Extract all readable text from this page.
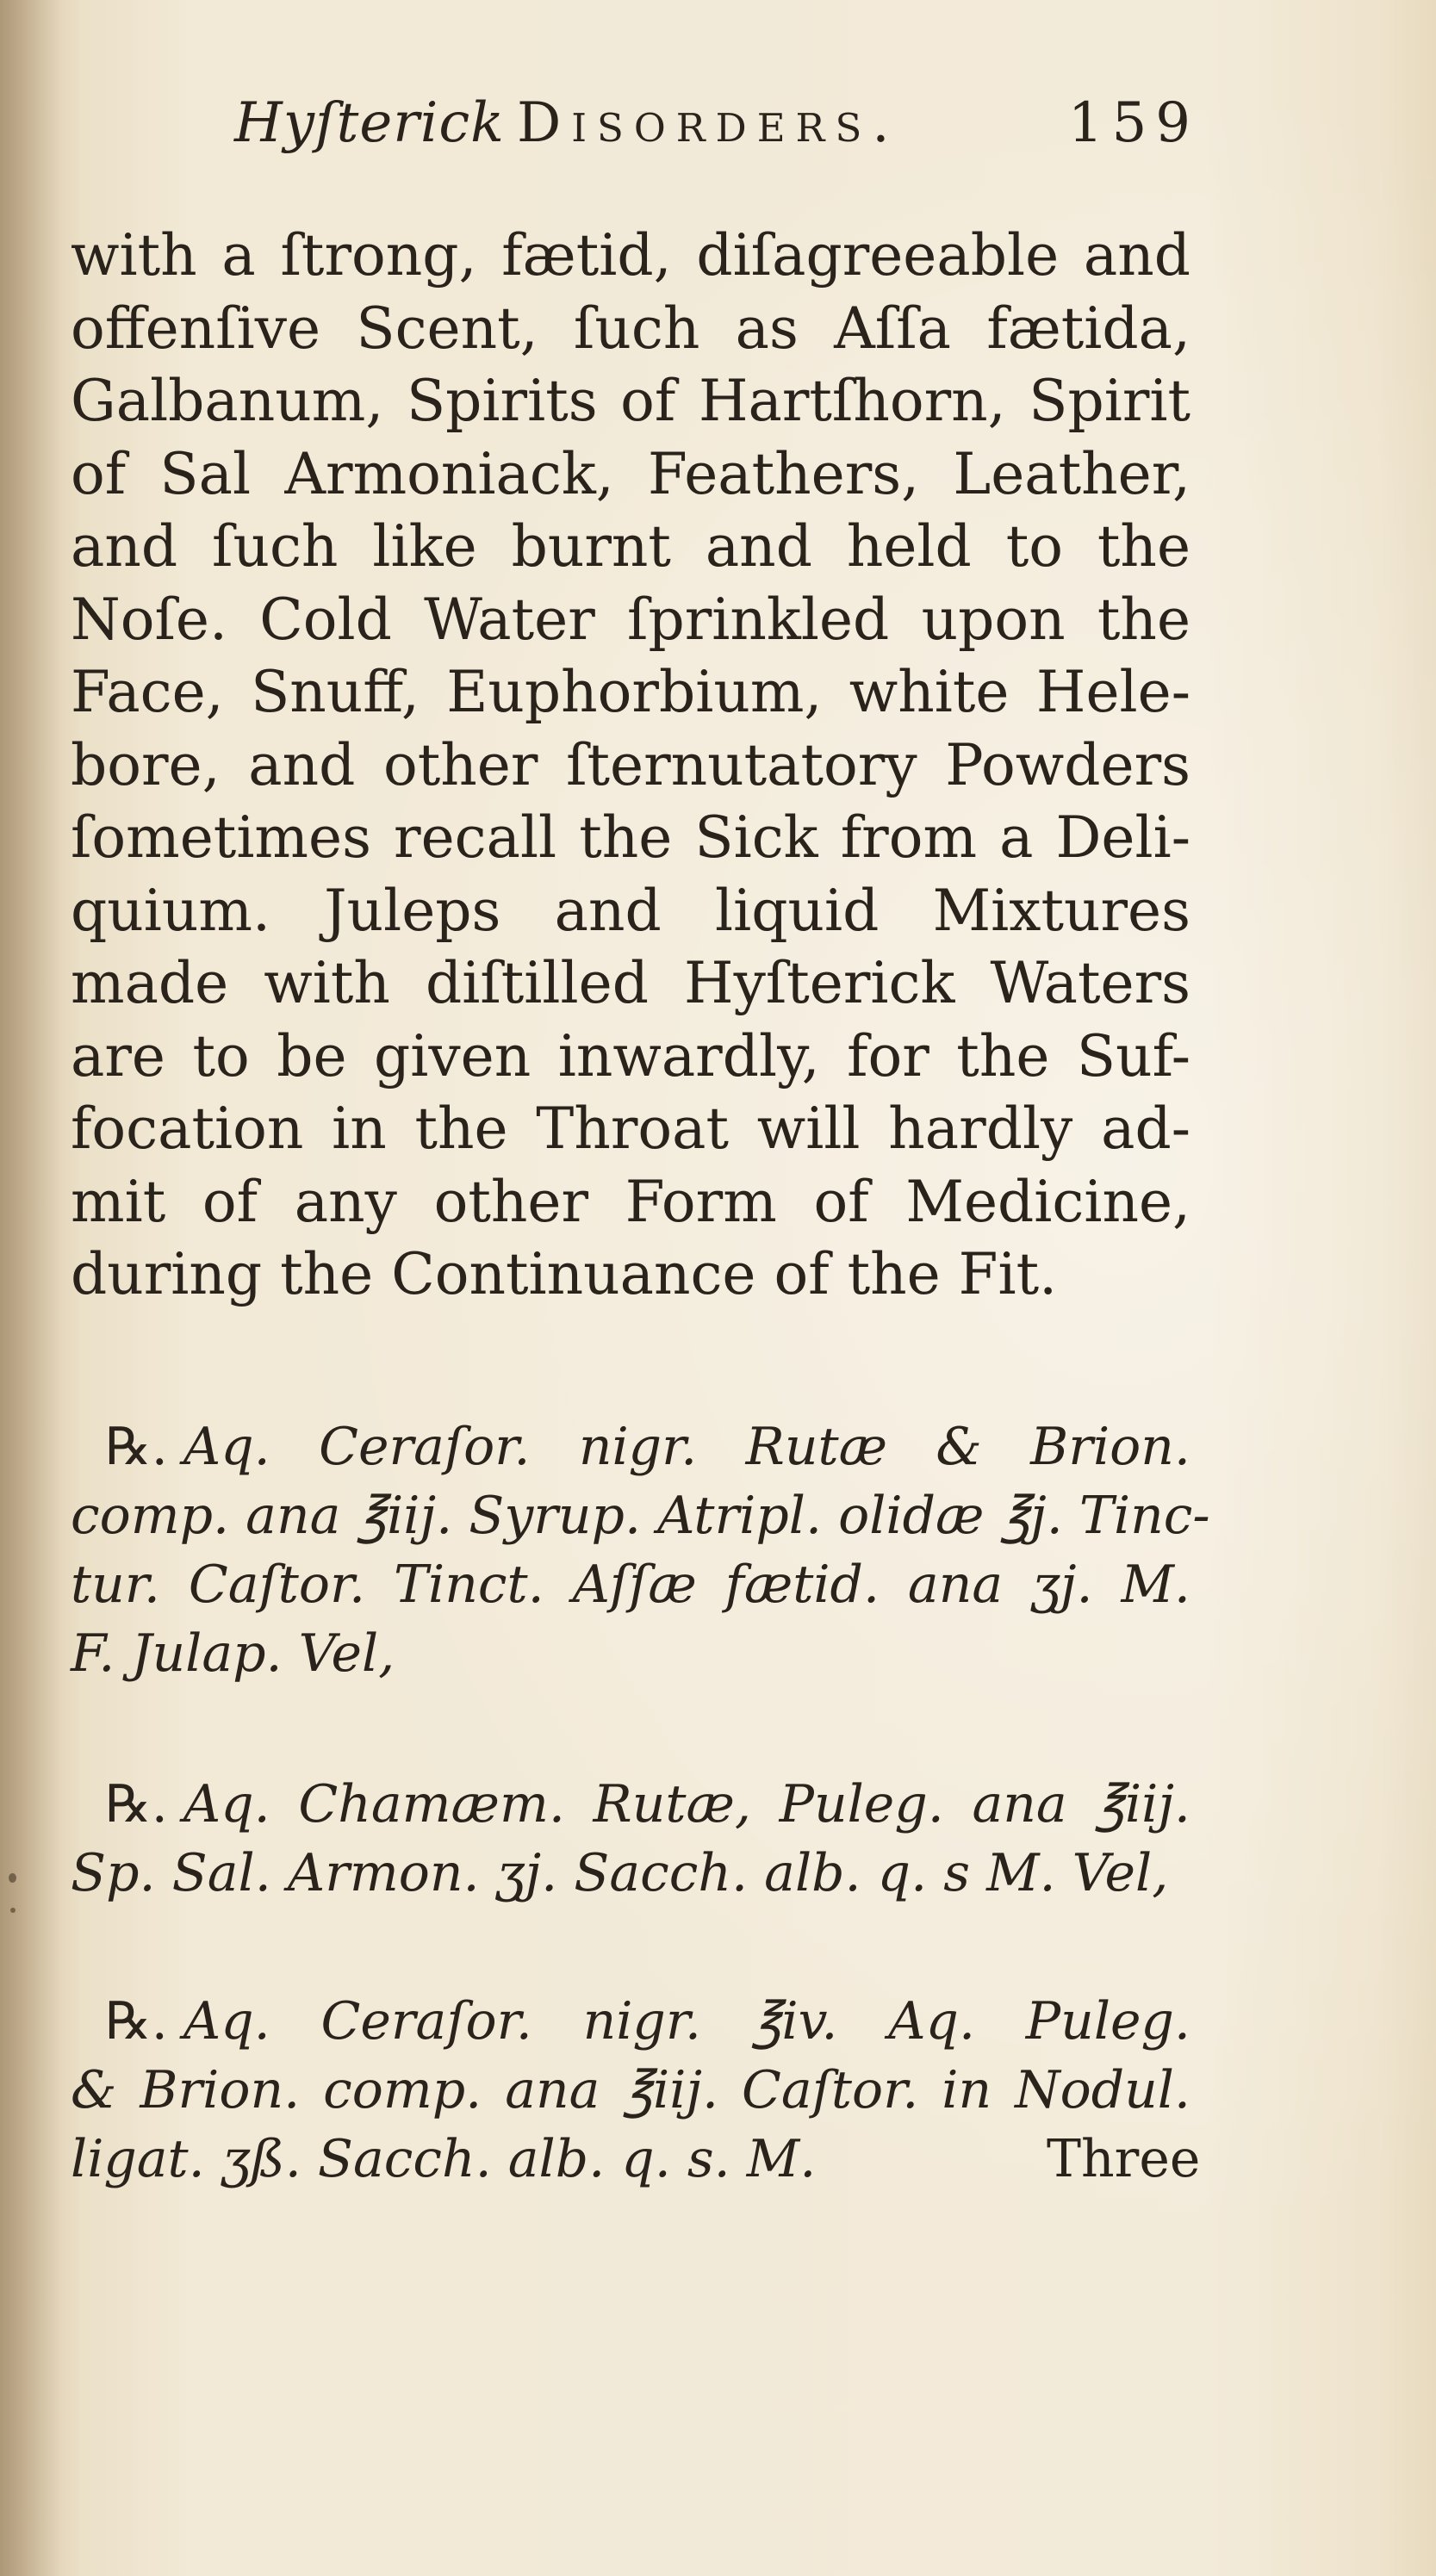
Hyſterick Disorders.	159
with a ſtrong, fætid, diſagreeable and
offenſive Scent, ſuch as Aſſa fætida,
Galbanum, Spirits of Hartſhorn, Spirit
of Sal Armoniack, Feathers, Leather,
and ſuch like burnt and held to the
Noſe. Cold Water ſprinkled upon the
Face, Snuff, Euphorbium, white Hele-
bore, and other ſternutatory Powders
ſometimes recall the Sick from a Deli-
quium. Juleps and liquid Mixtures
made with diſtilled Hyſterick Waters
are to be given inwardly, for the Suf-
focation in the Throat will hardly ad-
mit of any other Form of Medicine,
during the Continuance of the Fit.
℞. Aq. Ceraſor. nigr. Rutæ & Brion.
comp. ana ℥iij. Syrup. Atripl. olidæ ℥j. Tinc-
tur. Caſtor. Tinct. Aſſæ fætid. ana ʒj. M.
F. Julap. Vel,
℞. Aq. Chamæm. Rutæ, Puleg. ana ℥iij.
Sp. Sal. Armon. ʒj. Sacch. alb. q. s M. Vel,
℞. Aq. Ceraſor. nigr. ℥iv. Aq. Puleg.
& Brion. comp. ana ℥iij. Caſtor. in Nodul.
ligat. ʒß. Sacch. alb. q. s. M.	Three
